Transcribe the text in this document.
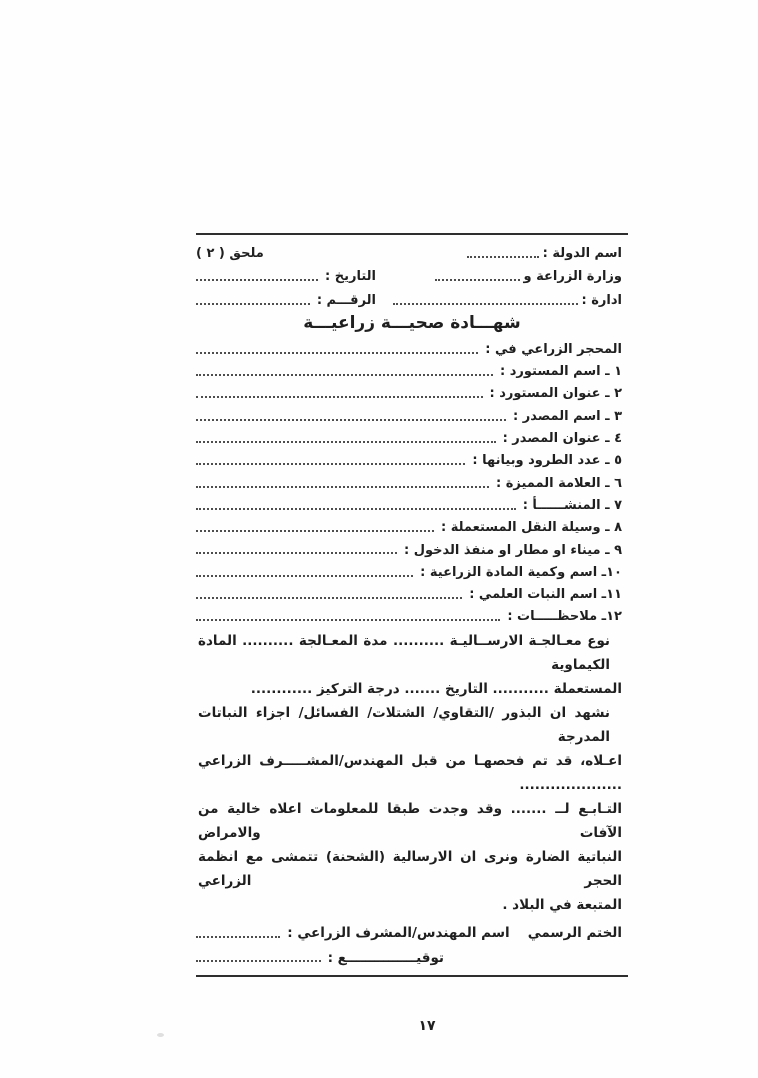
اسم الدولة :
ملحق ( ٢ )
وزارة الزراعة و
التاريخ :
ادارة :
الرقـــم :
شهـــادة صحيـــة زراعيـــة
المحجر الزراعي في :
١ ـ اسم المستورد :
٢ ـ عنوان المستورد :
٣ ـ اسم المصدر :
٤ ـ عنوان المصدر :
٥ ـ عدد الطرود وبيانها :
٦ ـ العلامة المميزة :
٧ ـ المنشــــــأ :
٨ ـ وسيلة النقل المستعملة :
٩ ـ ميناء او مطار او منفذ الدخول :
١٠ـ اسم وكمية المادة الزراعية :
١١ـ اسم النبات العلمي :
١٢ـ ملاحظـــــات :
نوع معـالجـة الارســاليـة .......... مدة المعـالجة .......... المادة الكيماوية
المستعملة ........... التاريخ ....... درجة التركيز ............
نشهد ان البذور /التقاوي/ الشتلات/ الفسائل/ اجزاء النباتات المدرجة
اعـلاه، قد تم فحصهـا من قبل المهندس/المشـــــرف الزراعي ....................
التـابـع لــ ....... وقد وجدت طبقا للمعلومات اعلاه خالية من الآفات والامراض
النباتية الضارة ونرى ان الارسالية (الشحنة) تتمشى مع انظمة الحجر الزراعي
المتبعة في البلاد .
الختم الرسمي
اسم المهندس/المشرف الزراعي :
توقيـــــــــــــــع :
١٧
